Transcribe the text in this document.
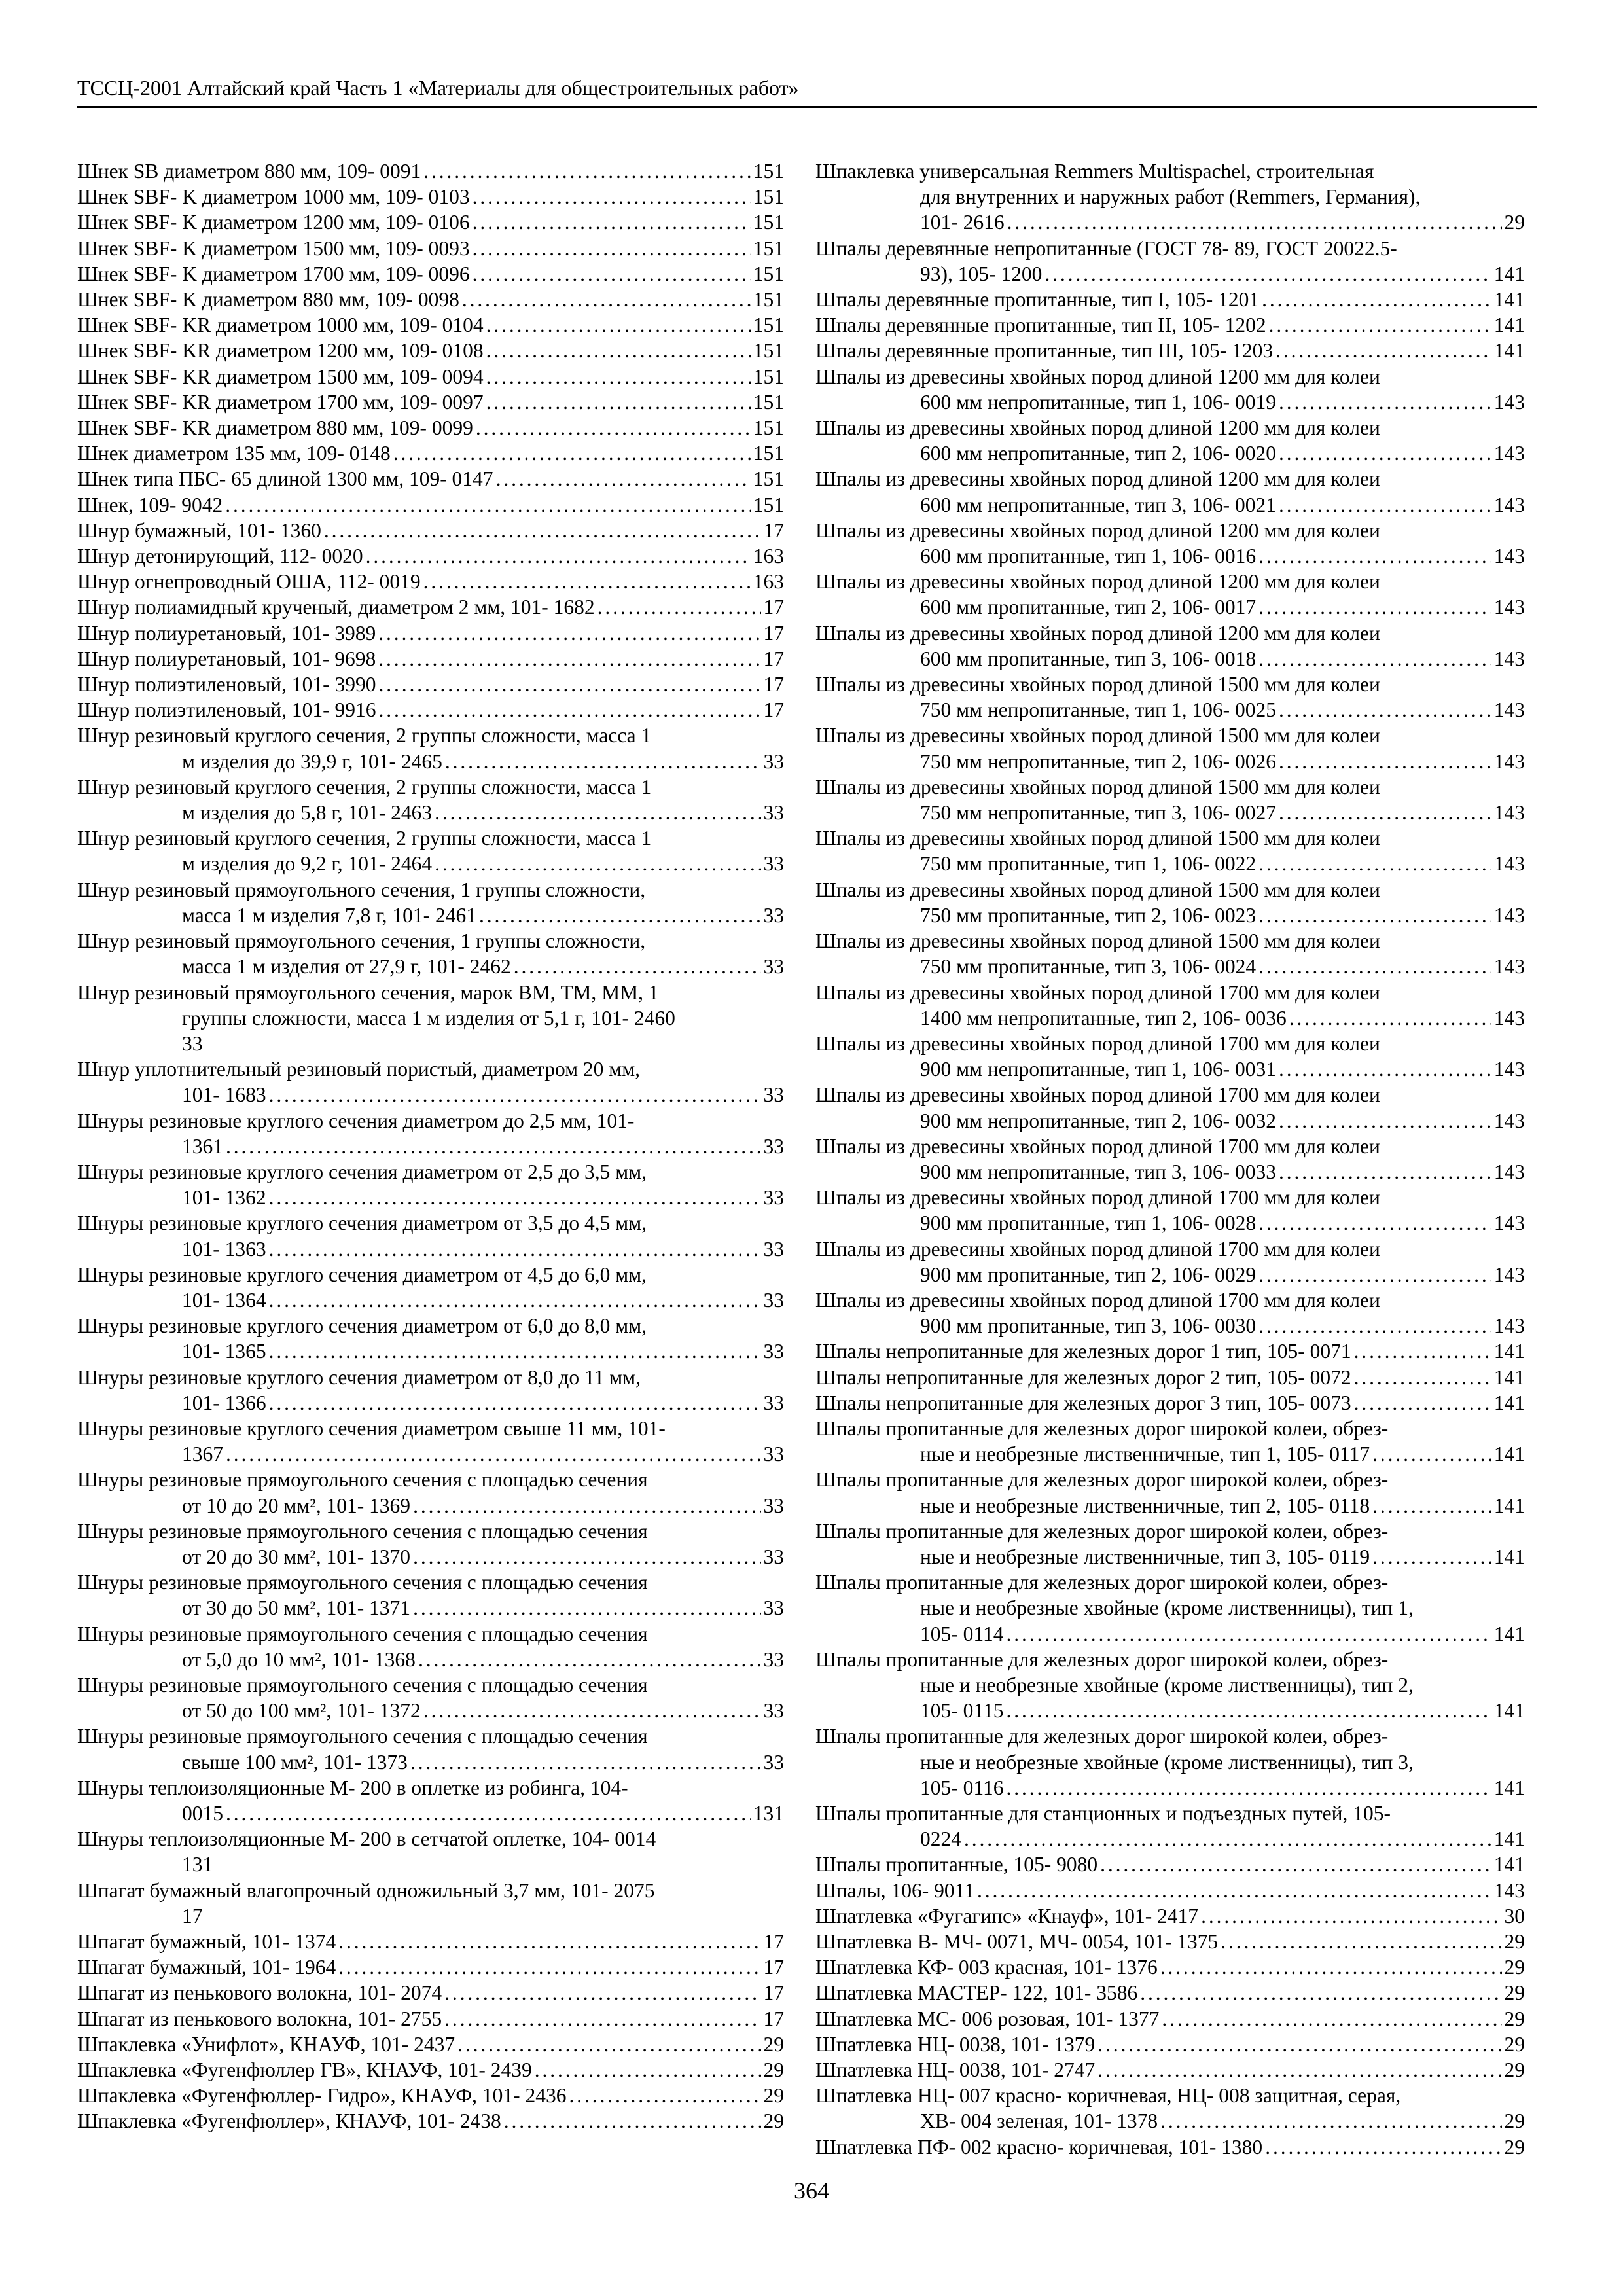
ТССЦ-2001 Алтайский край Часть 1 «Материалы для общестроительных работ»
Шнек SB диаметром 880 мм, 109- 0091 . . .	151
Шнек SBF- K диаметром 1000 мм, 109- 0103 . . .	151
Шнек SBF- K диаметром 1200 мм, 109- 0106 . . .	151
Шнек SBF- K диаметром 1500 мм, 109- 0093 . . .	151
Шнек SBF- K диаметром 1700 мм, 109- 0096 . . .	151
Шнек SBF- K диаметром 880 мм, 109- 0098 . . .	151
Шнек SBF- KR диаметром 1000 мм, 109- 0104 . . .	151
Шнек SBF- KR диаметром 1200 мм, 109- 0108 . . .	151
Шнек SBF- KR диаметром 1500 мм, 109- 0094 . . .	151
Шнек SBF- KR диаметром 1700 мм, 109- 0097 . . .	151
Шнек SBF- KR диаметром 880 мм, 109- 0099 . . .	151
Шнек диаметром 135 мм, 109- 0148 . . .	151
Шнек типа ПБС- 65 длиной 1300 мм, 109- 0147 . . .	151
Шнек, 109- 9042 . . .	151
Шнур бумажный, 101- 1360 . . .	17
Шнур детонирующий, 112- 0020 . . .	163
Шнур огнепроводный ОША, 112- 0019 . . .	163
Шнур полиамидный крученый, диаметром 2 мм, 101- 1682 . . .	17
Шнур полиуретановый, 101- 3989 . . .	17
Шнур полиуретановый, 101- 9698 . . .	17
Шнур полиэтиленовый, 101- 3990 . . .	17
Шнур полиэтиленовый, 101- 9916 . . .	17
Шнур резиновый круглого сечения, 2 группы сложности, масса 1
м изделия до 39,9 г, 101- 2465 . . .	33
Шнур резиновый круглого сечения, 2 группы сложности, масса 1
м изделия до 5,8 г, 101- 2463 . . .	33
Шнур резиновый круглого сечения, 2 группы сложности, масса 1
м изделия до 9,2 г, 101- 2464 . . .	33
Шнур резиновый прямоугольного сечения, 1 группы сложности,
масса 1 м изделия 7,8 г, 101- 2461 . . .	33
Шнур резиновый прямоугольного сечения, 1 группы сложности,
масса 1 м изделия от 27,9 г, 101- 2462 . . .	33
Шнур резиновый прямоугольного сечения, марок ВМ, ТМ, ММ, 1
группы сложности, масса 1 м изделия от 5,1 г, 101- 2460
33
Шнур уплотнительный резиновый пористый, диаметром 20 мм,
101- 1683 . . .	33
Шнуры резиновые круглого сечения диаметром до 2,5 мм, 101-
1361 . . .	33
Шнуры резиновые круглого сечения диаметром от 2,5 до 3,5 мм,
101- 1362 . . .	33
Шнуры резиновые круглого сечения диаметром от 3,5 до 4,5 мм,
101- 1363 . . .	33
Шнуры резиновые круглого сечения диаметром от 4,5 до 6,0 мм,
101- 1364 . . .	33
Шнуры резиновые круглого сечения диаметром от 6,0 до 8,0 мм,
101- 1365 . . .	33
Шнуры резиновые круглого сечения диаметром от 8,0 до 11 мм,
101- 1366 . . .	33
Шнуры резиновые круглого сечения диаметром свыше 11 мм, 101-
1367 . . .	33
Шнуры резиновые прямоугольного сечения с площадью сечения
от 10 до 20 мм², 101- 1369 . . .	33
Шнуры резиновые прямоугольного сечения с площадью сечения
от 20 до 30 мм², 101- 1370 . . .	33
Шнуры резиновые прямоугольного сечения с площадью сечения
от 30 до 50 мм², 101- 1371 . . .	33
Шнуры резиновые прямоугольного сечения с площадью сечения
от 5,0 до 10 мм², 101- 1368 . . .	33
Шнуры резиновые прямоугольного сечения с площадью сечения
от 50 до 100 мм², 101- 1372 . . .	33
Шнуры резиновые прямоугольного сечения с площадью сечения
свыше 100 мм², 101- 1373 . . .	33
Шнуры теплоизоляционные М- 200 в оплетке из робинга, 104-
0015 . . .	131
Шнуры теплоизоляционные М- 200 в сетчатой оплетке, 104- 0014
131
Шпагат бумажный влагопрочный одножильный 3,7 мм, 101- 2075
17
Шпагат бумажный, 101- 1374 . . .	17
Шпагат бумажный, 101- 1964 . . .	17
Шпагат из пенькового волокна, 101- 2074 . . .	17
Шпагат из пенькового волокна, 101- 2755 . . .	17
Шпаклевка «Унифлот», КНАУФ, 101- 2437 . . .	29
Шпаклевка «Фугенфюллер ГВ», КНАУФ, 101- 2439 . . .	29
Шпаклевка «Фугенфюллер- Гидро», КНАУФ, 101- 2436 . . .	29
Шпаклевка «Фугенфюллер», КНАУФ, 101- 2438 . . .	29
Шпаклевка универсальная Remmers Multispachel, строительная
для внутренних и наружных работ (Remmers, Германия),
101- 2616 . . .	29
Шпалы деревянные непропитанные (ГОСТ 78- 89, ГОСТ 20022.5-
93), 105- 1200 . . .	141
Шпалы деревянные пропитанные, тип I, 105- 1201 . . .	141
Шпалы деревянные пропитанные, тип II, 105- 1202 . . .	141
Шпалы деревянные пропитанные, тип III, 105- 1203 . . .	141
Шпалы из древесины хвойных пород длиной 1200 мм для колеи
600 мм непропитанные, тип 1, 106- 0019 . . .	143
Шпалы из древесины хвойных пород длиной 1200 мм для колеи
600 мм непропитанные, тип 2, 106- 0020 . . .	143
Шпалы из древесины хвойных пород длиной 1200 мм для колеи
600 мм непропитанные, тип 3, 106- 0021 . . .	143
Шпалы из древесины хвойных пород длиной 1200 мм для колеи
600 мм пропитанные, тип 1, 106- 0016 . . .	143
Шпалы из древесины хвойных пород длиной 1200 мм для колеи
600 мм пропитанные, тип 2, 106- 0017 . . .	143
Шпалы из древесины хвойных пород длиной 1200 мм для колеи
600 мм пропитанные, тип 3, 106- 0018 . . .	143
Шпалы из древесины хвойных пород длиной 1500 мм для колеи
750 мм непропитанные, тип 1, 106- 0025 . . .	143
Шпалы из древесины хвойных пород длиной 1500 мм для колеи
750 мм непропитанные, тип 2, 106- 0026 . . .	143
Шпалы из древесины хвойных пород длиной 1500 мм для колеи
750 мм непропитанные, тип 3, 106- 0027 . . .	143
Шпалы из древесины хвойных пород длиной 1500 мм для колеи
750 мм пропитанные, тип 1, 106- 0022 . . .	143
Шпалы из древесины хвойных пород длиной 1500 мм для колеи
750 мм пропитанные, тип 2, 106- 0023 . . .	143
Шпалы из древесины хвойных пород длиной 1500 мм для колеи
750 мм пропитанные, тип 3, 106- 0024 . . .	143
Шпалы из древесины хвойных пород длиной 1700 мм для колеи
1400 мм непропитанные, тип 2, 106- 0036 . . .	143
Шпалы из древесины хвойных пород длиной 1700 мм для колеи
900 мм непропитанные, тип 1, 106- 0031 . . .	143
Шпалы из древесины хвойных пород длиной 1700 мм для колеи
900 мм непропитанные, тип 2, 106- 0032 . . .	143
Шпалы из древесины хвойных пород длиной 1700 мм для колеи
900 мм непропитанные, тип 3, 106- 0033 . . .	143
Шпалы из древесины хвойных пород длиной 1700 мм для колеи
900 мм пропитанные, тип 1, 106- 0028 . . .	143
Шпалы из древесины хвойных пород длиной 1700 мм для колеи
900 мм пропитанные, тип 2, 106- 0029 . . .	143
Шпалы из древесины хвойных пород длиной 1700 мм для колеи
900 мм пропитанные, тип 3, 106- 0030 . . .	143
Шпалы непропитанные для железных дорог 1 тип, 105- 0071 . . .	141
Шпалы непропитанные для железных дорог 2 тип, 105- 0072 . . .	141
Шпалы непропитанные для железных дорог 3 тип, 105- 0073 . . .	141
Шпалы пропитанные для железных дорог широкой колеи, обрез-
ные и необрезные лиственничные, тип 1, 105- 0117 . . .	141
Шпалы пропитанные для железных дорог широкой колеи, обрез-
ные и необрезные лиственничные, тип 2, 105- 0118 . . .	141
Шпалы пропитанные для железных дорог широкой колеи, обрез-
ные и необрезные лиственничные, тип 3, 105- 0119 . . .	141
Шпалы пропитанные для железных дорог широкой колеи, обрез-
ные и необрезные хвойные (кроме лиственницы), тип 1,
105- 0114 . . .	141
Шпалы пропитанные для железных дорог широкой колеи, обрез-
ные и необрезные хвойные (кроме лиственницы), тип 2,
105- 0115 . . .	141
Шпалы пропитанные для железных дорог широкой колеи, обрез-
ные и необрезные хвойные (кроме лиственницы), тип 3,
105- 0116 . . .	141
Шпалы пропитанные для станционных и подъездных путей, 105-
0224 . . .	141
Шпалы пропитанные, 105- 9080 . . .	141
Шпалы, 106- 9011 . . .	143
Шпатлевка «Фугагипс» «Кнауф», 101- 2417 . . .	30
Шпатлевка В- МЧ- 0071, МЧ- 0054, 101- 1375 . . .	29
Шпатлевка КФ- 003 красная, 101- 1376 . . .	29
Шпатлевка МАСТЕР- 122, 101- 3586 . . .	29
Шпатлевка МС- 006 розовая, 101- 1377 . . .	29
Шпатлевка НЦ- 0038, 101- 1379 . . .	29
Шпатлевка НЦ- 0038, 101- 2747 . . .	29
Шпатлевка НЦ- 007 красно- коричневая, НЦ- 008 защитная, серая,
ХВ- 004 зеленая, 101- 1378 . . .	29
Шпатлевка ПФ- 002 красно- коричневая, 101- 1380 . . .	29
364
